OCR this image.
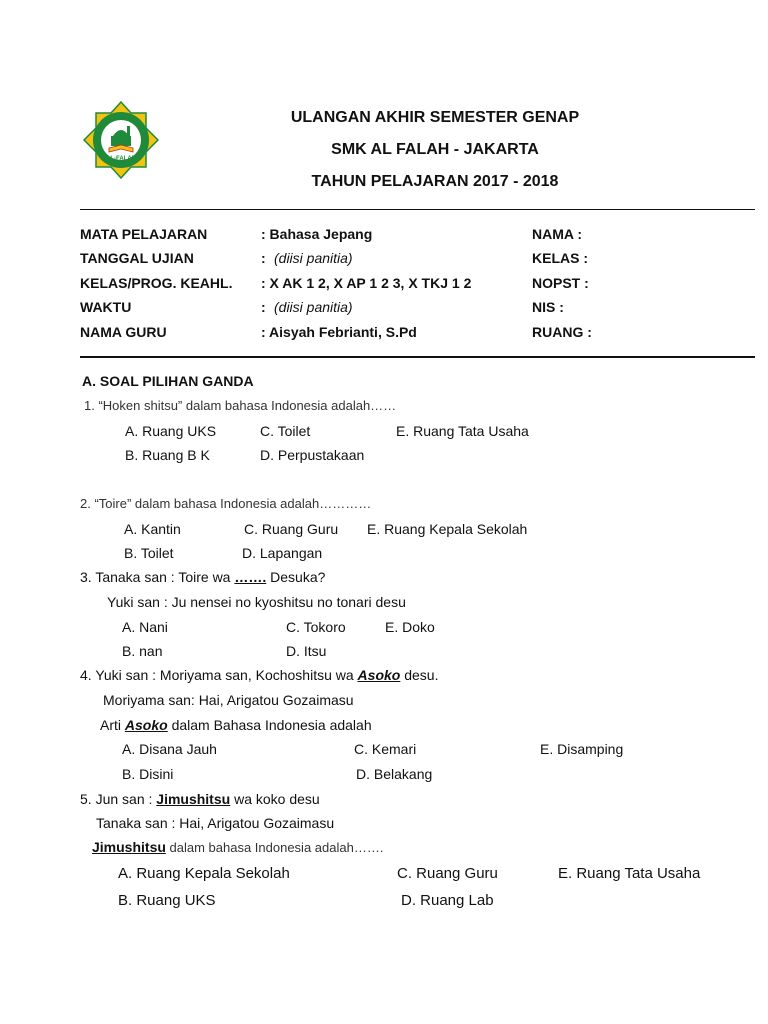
AL-FALAH
ULANGAN AKHIR SEMESTER GENAP
SMK AL FALAH - JAKARTA
TAHUN PELAJARAN 2017 - 2018
MATA PELAJARAN	: Bahasa Jepang	NAMA :
TANGGAL UJIAN	: (diisi panitia)	KELAS :
KELAS/PROG. KEAHL. : X AK 1 2, X AP 1 2 3, X TKJ 1 2	NOPST :
WAKTU	: (diisi panitia)	NIS :
NAMA GURU	: Aisyah Febrianti, S.Pd	RUANG :
A. SOAL PILIHAN GANDA
1. “Hoken shitsu” dalam bahasa Indonesia adalah……
A. Ruang UKS	C. Toilet	E. Ruang Tata Usaha
B. Ruang B K	D. Perpustakaan
2. “Toire” dalam bahasa Indonesia adalah…………
A. Kantin	C. Ruang Guru E. Ruang Kepala Sekolah
B. Toilet	D. Lapangan
3. Tanaka san : Toire wa ……. Desuka?
Yuki san : Ju nensei no kyoshitsu no tonari desu
A. Nani	C. Tokoro	E. Doko
B. nan	D. Itsu
4. Yuki san : Moriyama san, Kochoshitsu wa Asoko desu.
Moriyama san: Hai, Arigatou Gozaimasu
Arti Asoko dalam Bahasa Indonesia adalah
A. Disana Jauh	C. Kemari	E. Disamping
B. Disini	D. Belakang
5. Jun san : Jimushitsu wa koko desu
Tanaka san : Hai, Arigatou Gozaimasu
Jimushitsu dalam bahasa Indonesia adalah…….
A. Ruang Kepala Sekolah	C. Ruang Guru	E. Ruang Tata Usaha
B. Ruang UKS	D. Ruang Lab
